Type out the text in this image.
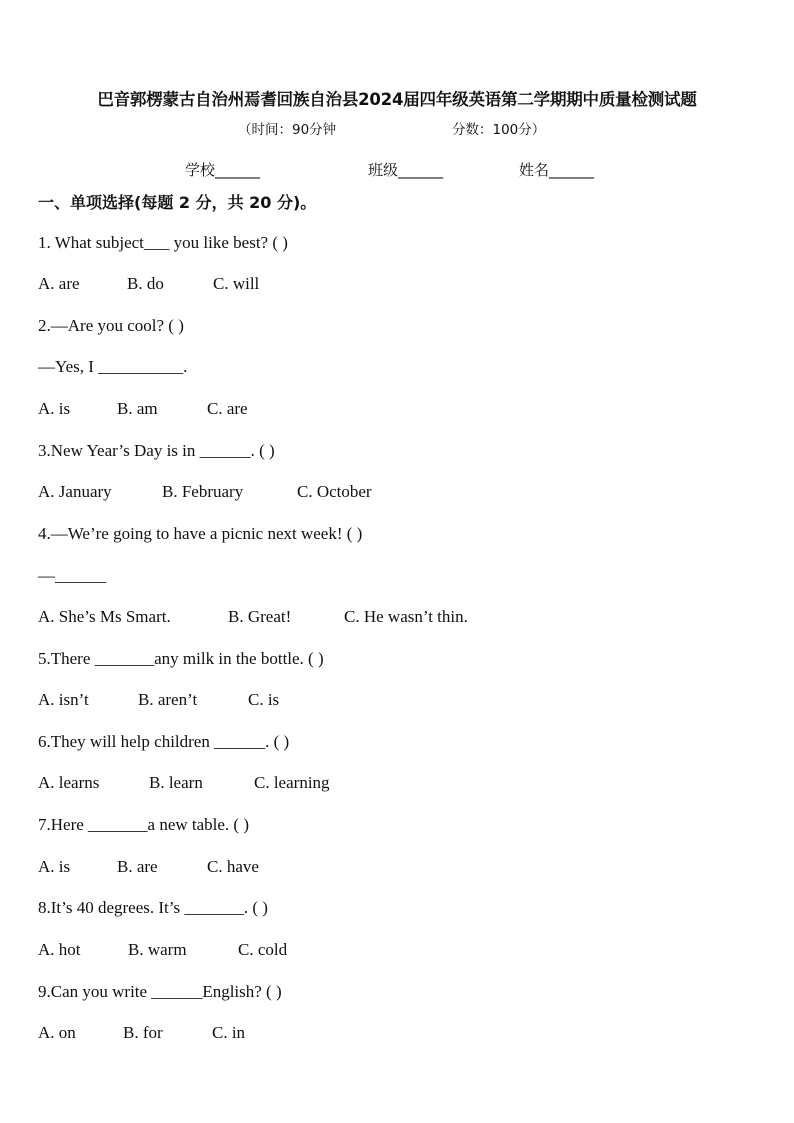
巴音郭楞蒙古自治州焉耆回族自治县2024届四年级英语第二学期期中质量检测试题
（时间：90分钟	分数：100分）
学校______	班级______	姓名______
一、单项选择(每题 2 分，共 20 分)。
1. What subject___ you like best? ( )
A. are	B. do	C. will
2.—Are you cool? ( )
—Yes, I __________.
A. is	B. am	C. are
3.New Year’s Day is in ______. ( )
A. January	B. February	C. October
4.—We’re going to have a picnic next week! ( )
—______
A. She’s Ms Smart.	B. Great!	C. He wasn’t thin.
5.There _______any milk in the bottle. ( )
A. isn’t	B. aren’t	C. is
6.They will help children ______. ( )
A. learns	B. learn	C. learning
7.Here _______a new table. ( )
A. is	B. are	C. have
8.It’s 40 degrees. It’s _______. ( )
A. hot	B. warm	C. cold
9.Can you write ______English? ( )
A. on	B. for	C. in
